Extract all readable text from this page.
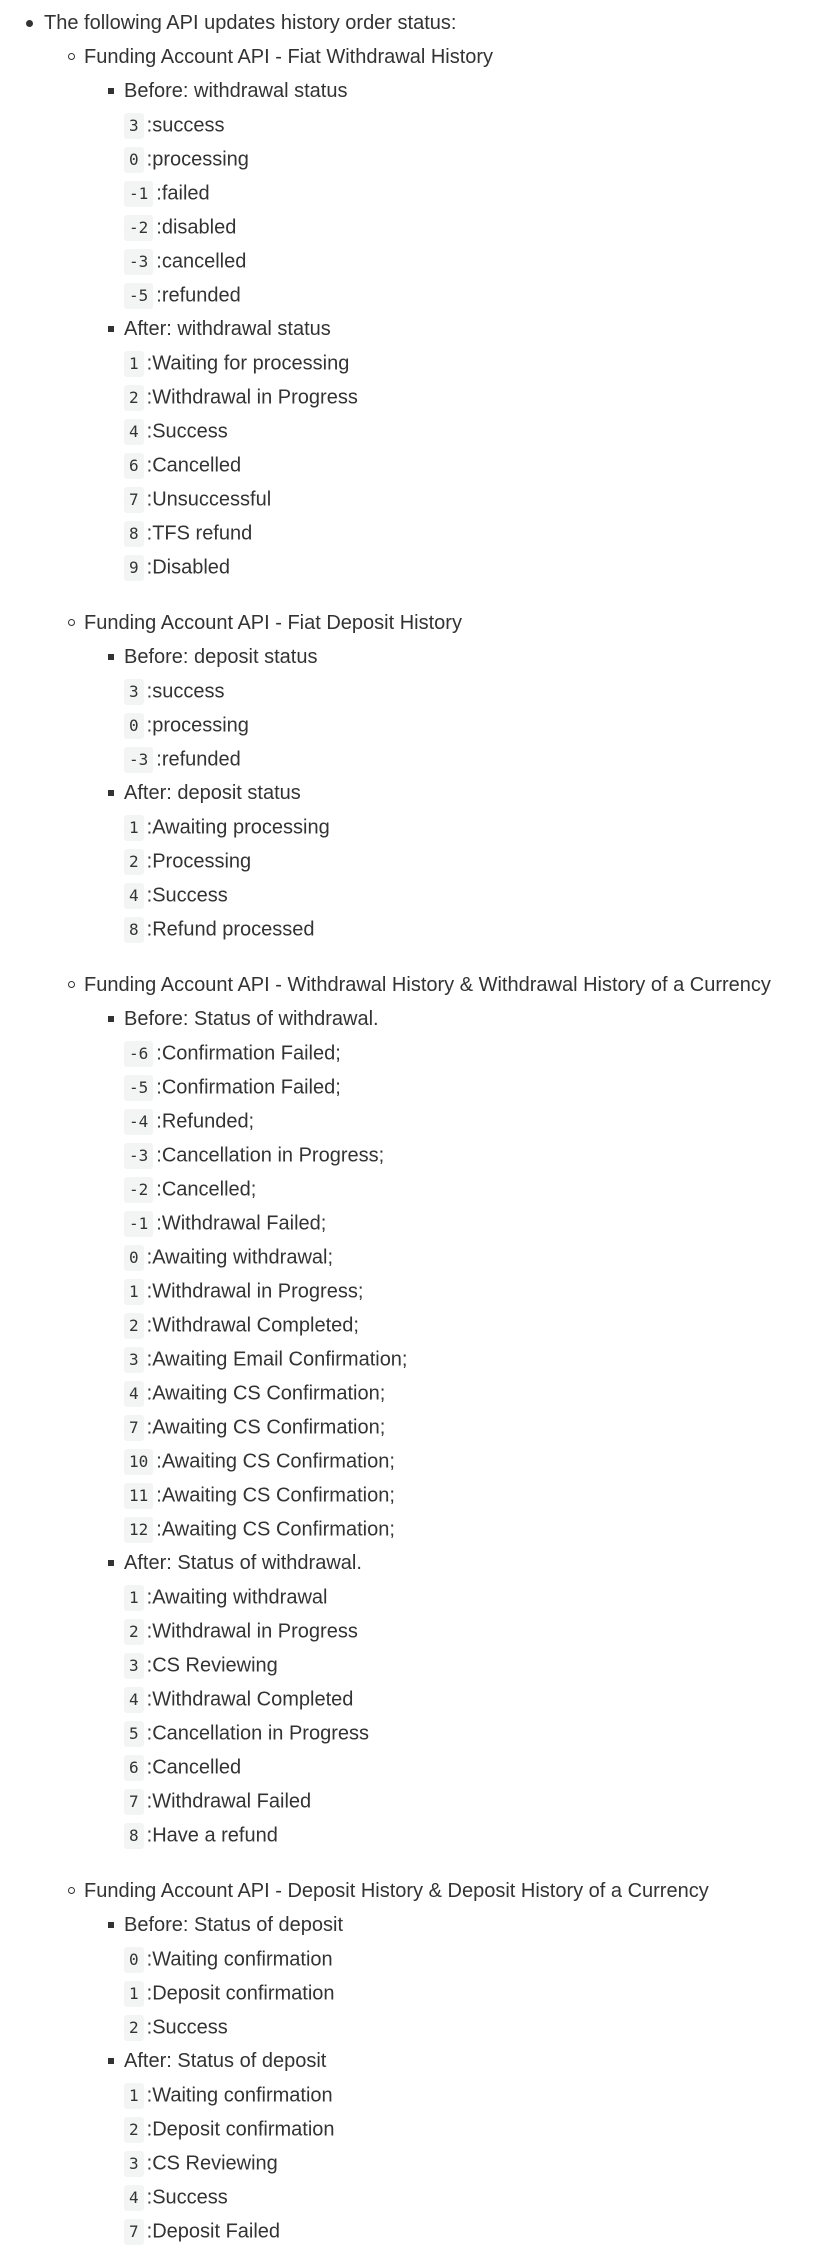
The following API updates history order status:
Funding Account API - Fiat Withdrawal History
Before: withdrawal status
3 :success
0 :processing
-1 :failed
-2 :disabled
-3 :cancelled
-5 :refunded
After: withdrawal status
1 :Waiting for processing
2 :Withdrawal in Progress
4 :Success
6 :Cancelled
7 :Unsuccessful
8 :TFS refund
9 :Disabled
Funding Account API - Fiat Deposit History
Before: deposit status
3 :success
0 :processing
-3 :refunded
After: deposit status
1 :Awaiting processing
2 :Processing
4 :Success
8 :Refund processed
Funding Account API - Withdrawal History & Withdrawal History of a Currency
Before: Status of withdrawal.
-6 :Confirmation Failed;
-5 :Confirmation Failed;
-4 :Refunded;
-3 :Cancellation in Progress;
-2 :Cancelled;
-1 :Withdrawal Failed;
0 :Awaiting withdrawal;
1 :Withdrawal in Progress;
2 :Withdrawal Completed;
3 :Awaiting Email Confirmation;
4 :Awaiting CS Confirmation;
7 :Awaiting CS Confirmation;
10 :Awaiting CS Confirmation;
11 :Awaiting CS Confirmation;
12 :Awaiting CS Confirmation;
After: Status of withdrawal.
1 :Awaiting withdrawal
2 :Withdrawal in Progress
3 :CS Reviewing
4 :Withdrawal Completed
5 :Cancellation in Progress
6 :Cancelled
7 :Withdrawal Failed
8 :Have a refund
Funding Account API - Deposit History & Deposit History of a Currency
Before: Status of deposit
0 :Waiting confirmation
1 :Deposit confirmation
2 :Success
After: Status of deposit
1 :Waiting confirmation
2 :Deposit confirmation
3 :CS Reviewing
4 :Success
7 :Deposit Failed
